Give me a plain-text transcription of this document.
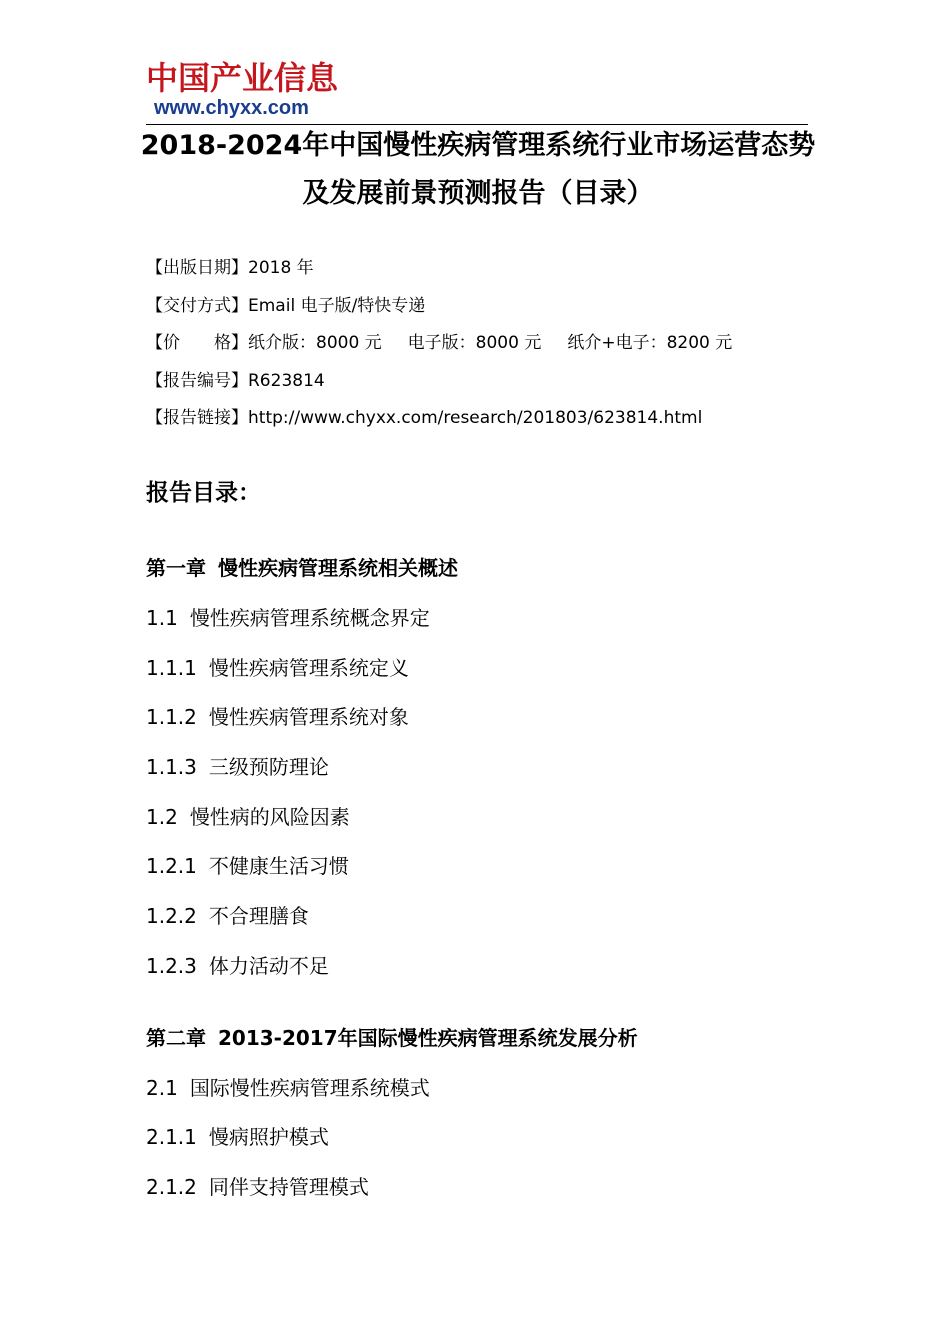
中国产业信息
www.chyxx.com
2018-2024年中国慢性疾病管理系统行业市场运营态势及发展前景预测报告（目录）
【出版日期】2018 年
【交付方式】Email 电子版/特快专递
【价　　格】纸介版：8000 元 电子版：8000 元 纸介+电子：8200 元
【报告编号】R623814
【报告链接】http://www.chyxx.com/research/201803/623814.html
报告目录：
第一章 慢性疾病管理系统相关概述
1.1 慢性疾病管理系统概念界定
1.1.1 慢性疾病管理系统定义
1.1.2 慢性疾病管理系统对象
1.1.3 三级预防理论
1.2 慢性病的风险因素
1.2.1 不健康生活习惯
1.2.2 不合理膳食
1.2.3 体力活动不足
第二章 2013-2017年国际慢性疾病管理系统发展分析
2.1 国际慢性疾病管理系统模式
2.1.1 慢病照护模式
2.1.2 同伴支持管理模式
